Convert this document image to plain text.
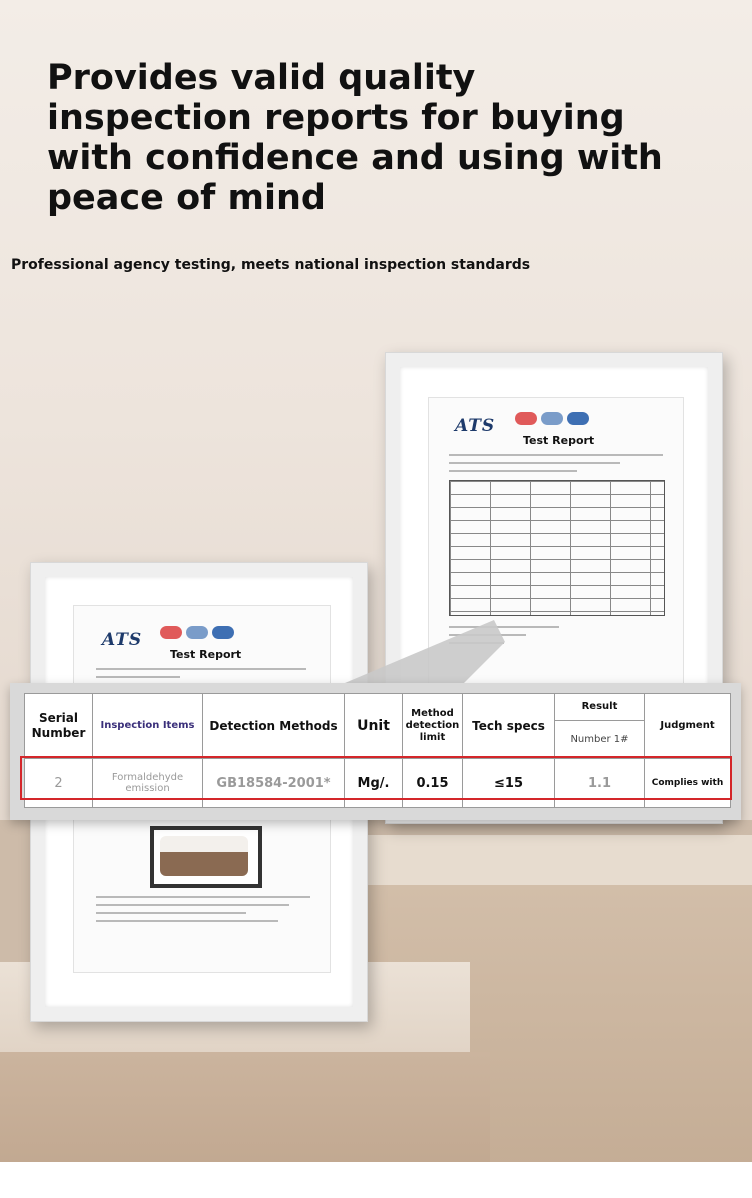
Provides valid quality inspection reports for buying with confidence and using with peace of mind

Professional agency testing, meets national inspection standards

ATS
Test Report
ATS
Test Report
Serial Number	Inspection Items	Detection Methods	Unit	Method detection limit	Tech specs	Result	Judgment
						Number 1#	
2	Formaldehyde emission	GB18584-2001*	Mg/.	0.15	≤15	1.1	Complies with
